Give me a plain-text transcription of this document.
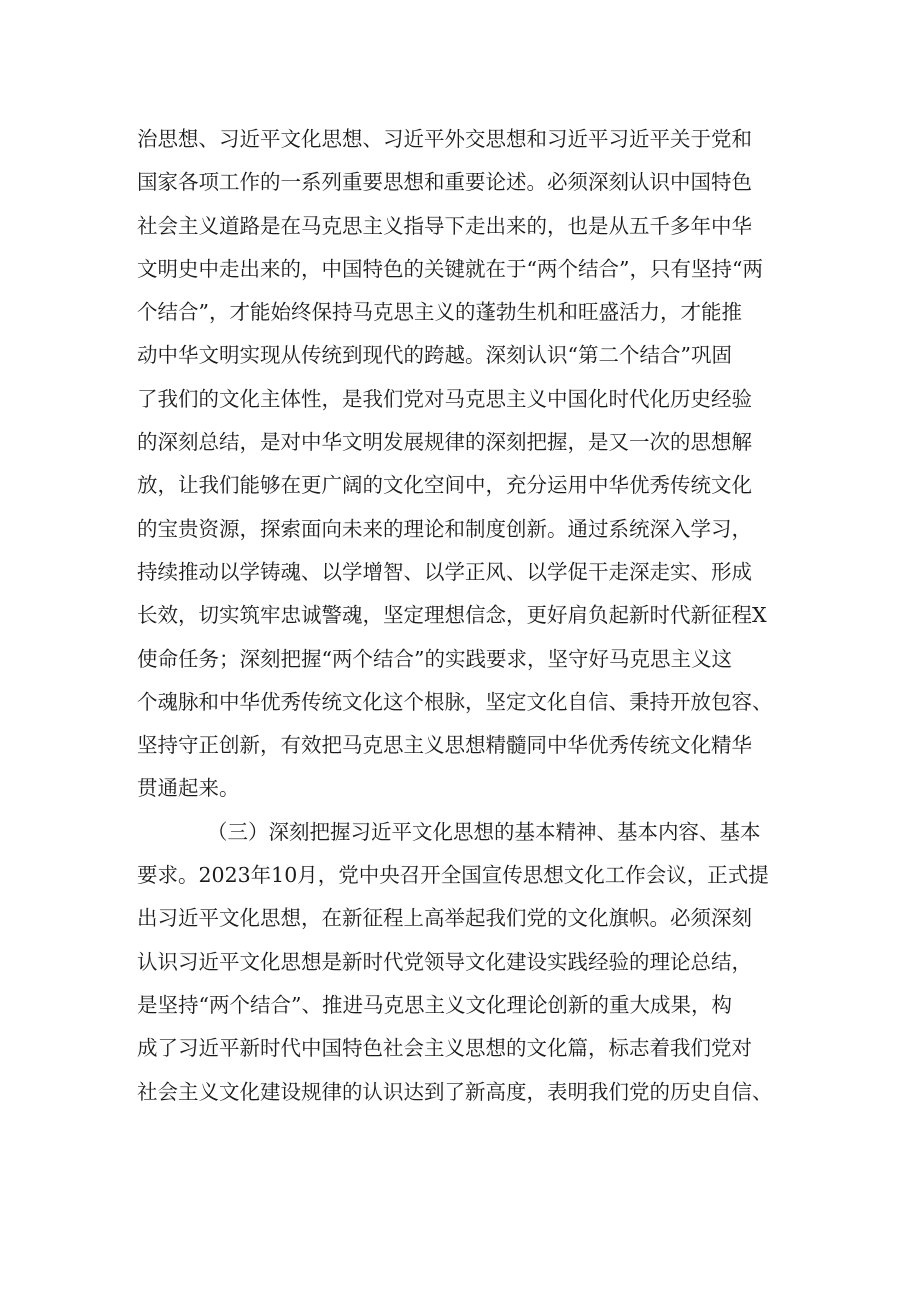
治思想、习近平文化思想、习近平外交思想和习近平习近平关于党和
国家各项工作的一系列重要思想和重要论述。必须深刻认识中国特色
社会主义道路是在马克思主义指导下走出来的，也是从五千多年中华
文明史中走出来的，中国特色的关键就在于“两个结合”，只有坚持“两
个结合”，才能始终保持马克思主义的蓬勃生机和旺盛活力，才能推
动中华文明实现从传统到现代的跨越。深刻认识“第二个结合”巩固
了我们的文化主体性，是我们党对马克思主义中国化时代化历史经验
的深刻总结，是对中华文明发展规律的深刻把握，是又一次的思想解
放，让我们能够在更广阔的文化空间中，充分运用中华优秀传统文化
的宝贵资源，探索面向未来的理论和制度创新。通过系统深入学习，
持续推动以学铸魂、以学增智、以学正风、以学促干走深走实、形成
长效，切实筑牢忠诚警魂，坚定理想信念，更好肩负起新时代新征程X
使命任务；深刻把握“两个结合”的实践要求，坚守好马克思主义这
个魂脉和中华优秀传统文化这个根脉，坚定文化自信、秉持开放包容、
坚持守正创新，有效把马克思主义思想精髓同中华优秀传统文化精华
贯通起来。
（三）深刻把握习近平文化思想的基本精神、基本内容、基本
要求。2023年10月，党中央召开全国宣传思想文化工作会议，正式提
出习近平文化思想，在新征程上高举起我们党的文化旗帜。必须深刻
认识习近平文化思想是新时代党领导文化建设实践经验的理论总结，
是坚持“两个结合”、推进马克思主义文化理论创新的重大成果，构
成了习近平新时代中国特色社会主义思想的文化篇，标志着我们党对
社会主义文化建设规律的认识达到了新高度，表明我们党的历史自信、
